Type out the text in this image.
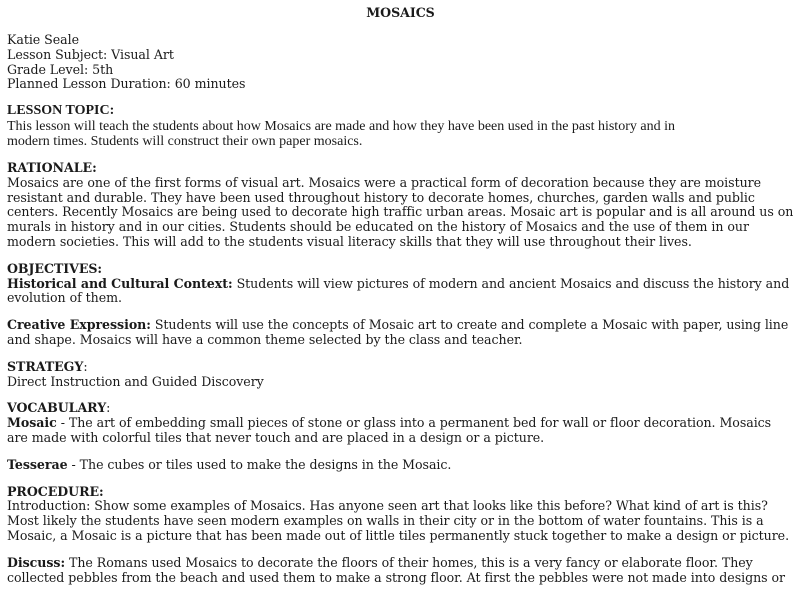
MOSAICS
Katie Seale
Lesson Subject: Visual Art
Grade Level: 5th
Planned Lesson Duration: 60 minutes
LESSON TOPIC:
This lesson will teach the students about how Mosaics are made and how they have been used in the past history and in
modern times. Students will construct their own paper mosaics.
RATIONALE:
Mosaics are one of the first forms of visual art. Mosaics were a practical form of decoration because they are moisture
resistant and durable. They have been used throughout history to decorate homes, churches, garden walls and public
centers. Recently Mosaics are being used to decorate high traffic urban areas. Mosaic art is popular and is all around us on
murals in history and in our cities. Students should be educated on the history of Mosaics and the use of them in our
modern societies. This will add to the students visual literacy skills that they will use throughout their lives.
OBJECTIVES:
Historical and Cultural Context: Students will view pictures of modern and ancient Mosaics and discuss the history and
evolution of them.
Creative Expression: Students will use the concepts of Mosaic art to create and complete a Mosaic with paper, using line
and shape. Mosaics will have a common theme selected by the class and teacher.
STRATEGY:
Direct Instruction and Guided Discovery
VOCABULARY:
Mosaic - The art of embedding small pieces of stone or glass into a permanent bed for wall or floor decoration. Mosaics
are made with colorful tiles that never touch and are placed in a design or a picture.
Tesserae - The cubes or tiles used to make the designs in the Mosaic.
PROCEDURE:
Introduction: Show some examples of Mosaics. Has anyone seen art that looks like this before? What kind of art is this?
Most likely the students have seen modern examples on walls in their city or in the bottom of water fountains. This is a
Mosaic, a Mosaic is a picture that has been made out of little tiles permanently stuck together to make a design or picture.
Discuss: The Romans used Mosaics to decorate the floors of their homes, this is a very fancy or elaborate floor. They
collected pebbles from the beach and used them to make a strong floor. At first the pebbles were not made into designs or
